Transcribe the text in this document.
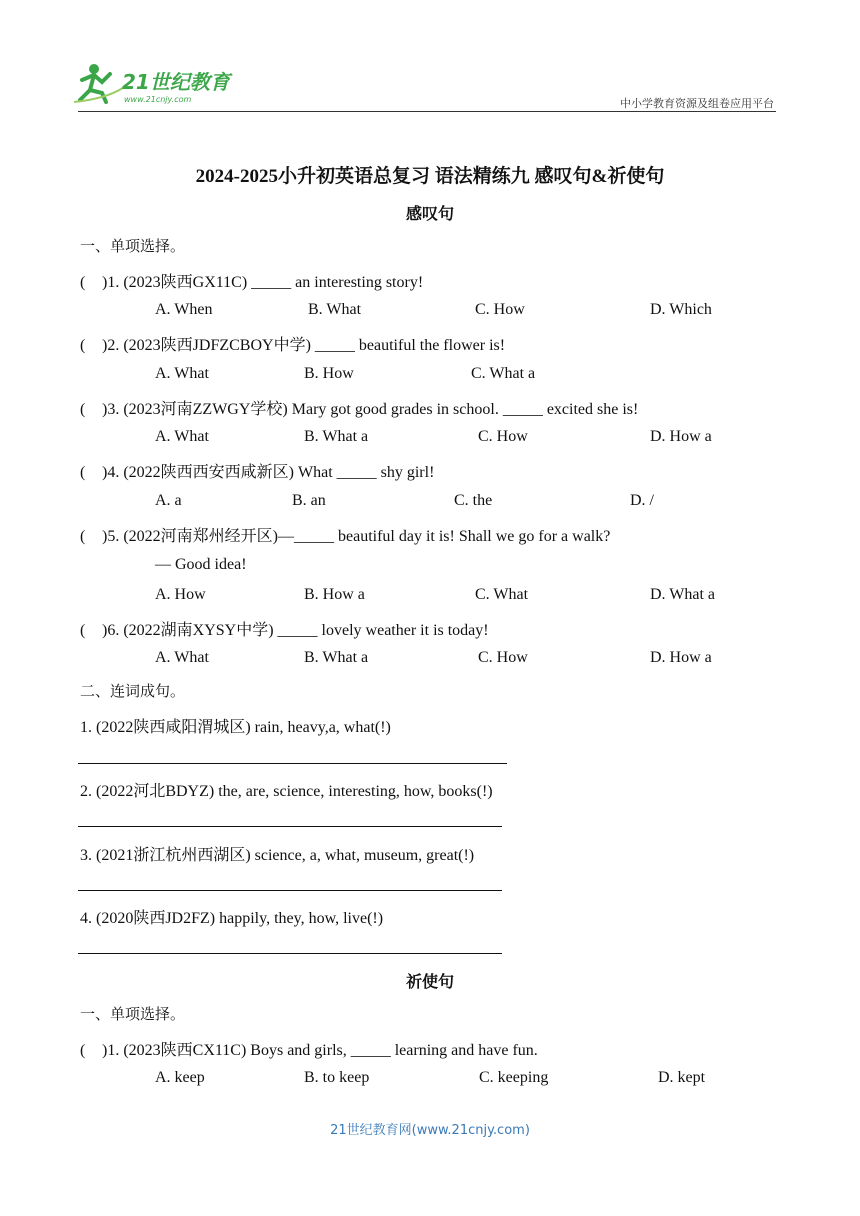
21世纪教育
www.21cnjy.com	中小学教育资源及组卷应用平台
2024-2025小升初英语总复习 语法精练九 感叹句&祈使句
感叹句
一、单项选择。
( )1. (2023陕西GX11C) _____ an interesting story!
A. When	B. What	C. How	D. Which
( )2. (2023陕西JDFZCBOY中学) _____ beautiful the flower is!
A. What	B. How	C. What a
( )3. (2023河南ZZWGY学校) Mary got good grades in school. _____ excited she is!
A. What	B. What a	C. How	D. How a
( )4. (2022陕西西安西咸新区) What _____ shy girl!
A. a	B. an	C. the	D. /
( )5. (2022河南郑州经开区)—_____ beautiful day it is! Shall we go for a walk?
— Good idea!
A. How	B. How a	C. What	D. What a
( )6. (2022湖南XYSY中学) _____ lovely weather it is today!
A. What	B. What a	C. How	D. How a
二、连词成句。
1. (2022陕西咸阳渭城区) rain, heavy,a, what(!)
2. (2022河北BDYZ) the, are, science, interesting, how, books(!)
3. (2021浙江杭州西湖区) science, a, what, museum, great(!)
4. (2020陕西JD2FZ) happily, they, how, live(!)
祈使句
一、单项选择。
( )1. (2023陕西CX11C) Boys and girls, _____ learning and have fun.
A. keep	B. to keep	C. keeping	D. kept
21世纪教育网(www.21cnjy.com)
